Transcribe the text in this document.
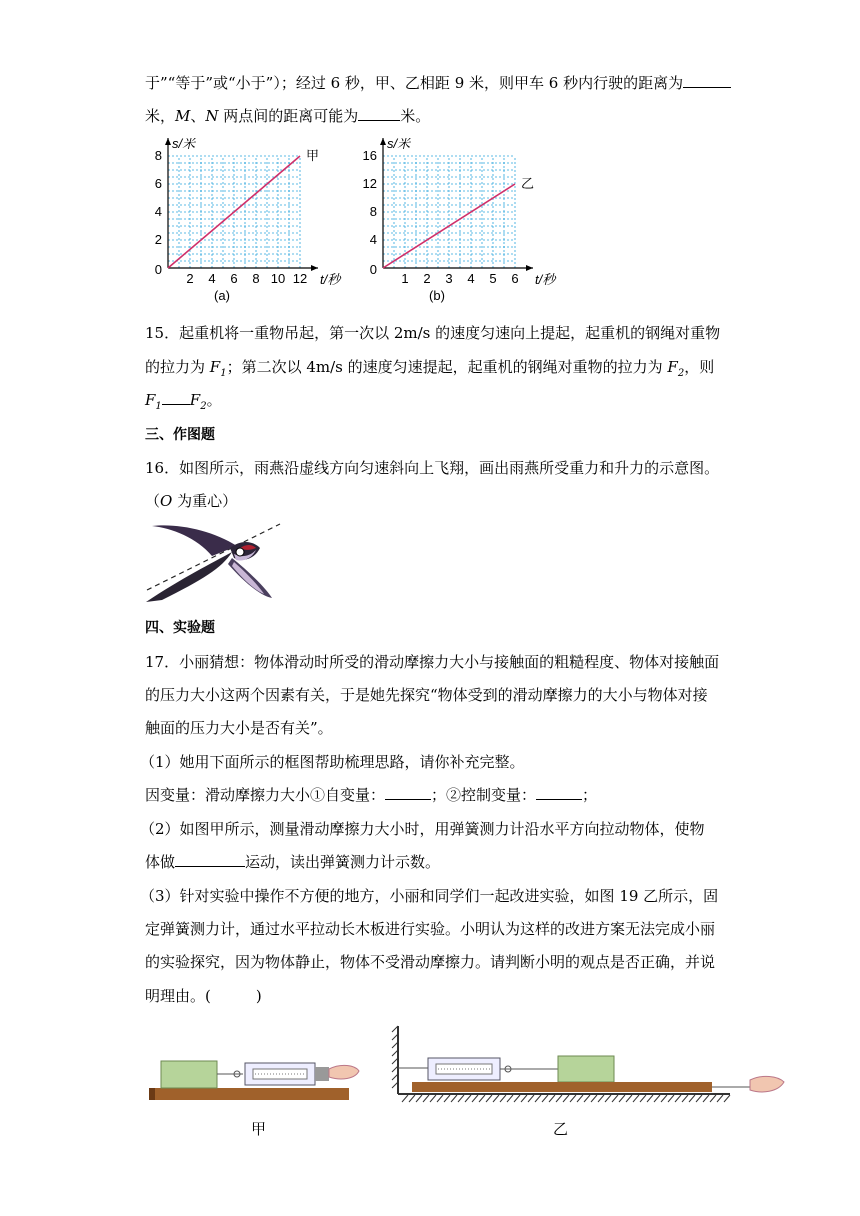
于”“等于”或“小于”）；经过 6 秒，甲、乙相距 9 米，则甲车 6 秒内行驶的距离为
米，M、N 两点间的距离可能为	米。
2 4 6 8 10 12
2
4
6
8
0
t/秒
s/米
甲
(a)
1 2 3 4 5 6
4
8
12
16
0
t/秒
s/米
乙
(b)
15．起重机将一重物吊起，第一次以 2m/s 的速度匀速向上提起，起重机的钢绳对重物
的拉力为 $F_1$；第二次以 4m/s 的速度匀速提起，起重机的钢绳对重物的拉力为 $F_2$，则
$F_1$ $F_2$。
三、作图题
16．如图所示，雨燕沿虚线方向匀速斜向上飞翔，画出雨燕所受重力和升力的示意图。
（O 为重心）
四、实验题
17．小丽猜想：物体滑动时所受的滑动摩擦力大小与接触面的粗糙程度、物体对接触面
的压力大小这两个因素有关，于是她先探究“物体受到的滑动摩擦力的大小与物体对接
触面的压力大小是否有关”。
（1）她用下面所示的框图帮助梳理思路，请你补充完整。
因变量：滑动摩擦力大小①自变量：	；②控制变量：	；
（2）如图甲所示，测量滑动摩擦力大小时，用弹簧测力计沿水平方向拉动物体，使物
体做	运动，读出弹簧测力计示数。
（3）针对实验中操作不方便的地方，小丽和同学们一起改进实验，如图 19 乙所示，固
定弹簧测力计，通过水平拉动长木板进行实验。小明认为这样的改进方案无法完成小丽
的实验探究，因为物体静止，物体不受滑动摩擦力。请判断小明的观点是否正确，并说
明理由。(　　　)
甲	乙
